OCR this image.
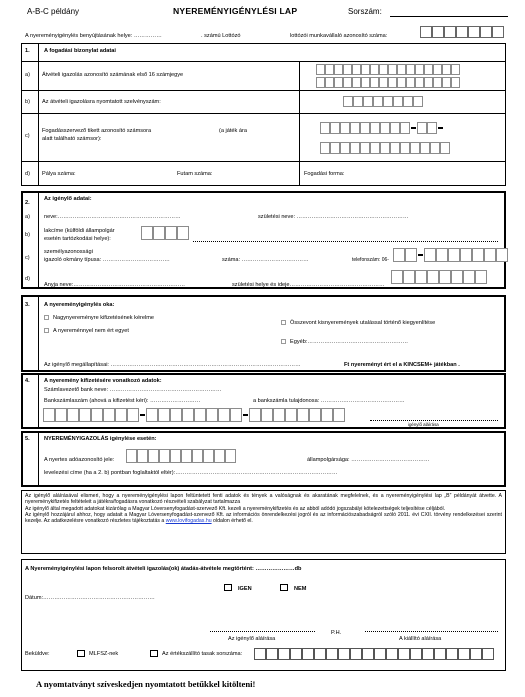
A-B-C példány	NYEREMÉNYIGÉNYLÉSI LAP	Sorszám:
A nyereményigénylés benyújtásának helye: ……………	. számú Lottózó	lottózói munkavállaló azonosító száma:
1.	A fogadási bizonylat adatai
a) Átvételi igazolás azonosító számának első 16 számjegye
b) Az átvételi igazolásra nyomtatott szelvényszám:
c)
Fogadásszervező tikett azonosító számsora
alatt található számsor):
(a játék ára
d) Pálya száma:	Futam száma:	Fogadási forma:
2.
Az igénylő adatai:
a)	neve:…………………………………………………………	születési neve: ……………………………………………………
b)
lakcíme (külföldi állampolgár
esetén tartózkodási helye):
c)
személyazonossági
igazoló okmány típusa: ………………………………	száma: ………………………………	telefonszám: 06-
d)
Anyja neve:……………………………………………………	születési helye és ideje……………………………………………
3.	A nyereményigénylés oka:
Nagynyereményre kifizetésének kérelme
A nyereménnyel nem ért egyet
Összevont kisnyeremények utalással történő kiegyenlítése
Egyéb:………………………………………………
Az igénylő megállapításai: …………………………………………………………………………………………	Ft nyereményt ért el a KINCSEM+ játékban .
4.	A nyeremény kifizetésére vonatkozó adatok:
Számlavezető bank neve: ……………………………………………………
Bankszámlaszám (ahová a kifizetést kéri): ………………………	a bankszámla tulajdonosa: ………………………………………
igénylő aláírása
5.	NYEREMÉNYIGAZOLÁS igénylése esetén:
A nyertes adóazonosító jele:	állampolgársága: ……………………………………
levelezési címe (ha a 2. b) pontban foglaltaktól eltér):……………………………………………………………………………
Az igénylő aláírásával elismeri, hogy a nyereményigénylési lapon feltüntetett fenti adatok és tények a valóságnak és akaratának megfelelnek, és a nyereményigénylési lap „B” példányát átvette. A nyereménykifizetés feltételeit a játékra/fogadásra vonatkozó részvételi szabályzat tartalmazza
Az igénylő által megadott adatokat kizárólag a Magyar Lóversenyfogadást-szervező Kft. kezeli a nyereménykifizetés és az abból adódó jogszabályi kötelezettségek teljesítése céljából.
Az igénylő hozzájárul ahhoz, hogy adatait a Magyar Lóversenyfogadást-szervező Kft. az információs önrendelkezési jogról és az információszabadságról szóló 2011. évi CXII. törvény rendelkezései szerint kezelje. Az adatkezelésre vonatkozó részletes tájékoztatás a www.lovifogadas.hu oldalon érhető el.
A Nyereményigénylési lapon felsorolt átvételi igazolás(ok) átadás-átvétele megtörtént: …………………db
IGEN	NEM
Dátum:……………………………………………………
Az igénylő aláírása
P.H.
A kiállító aláírása
Beküldve:	MLFSZ-nek	Az értékszállító tasak sorszáma:
A nyomtatványt szíveskedjen nyomtatott betűkkel kitölteni!
